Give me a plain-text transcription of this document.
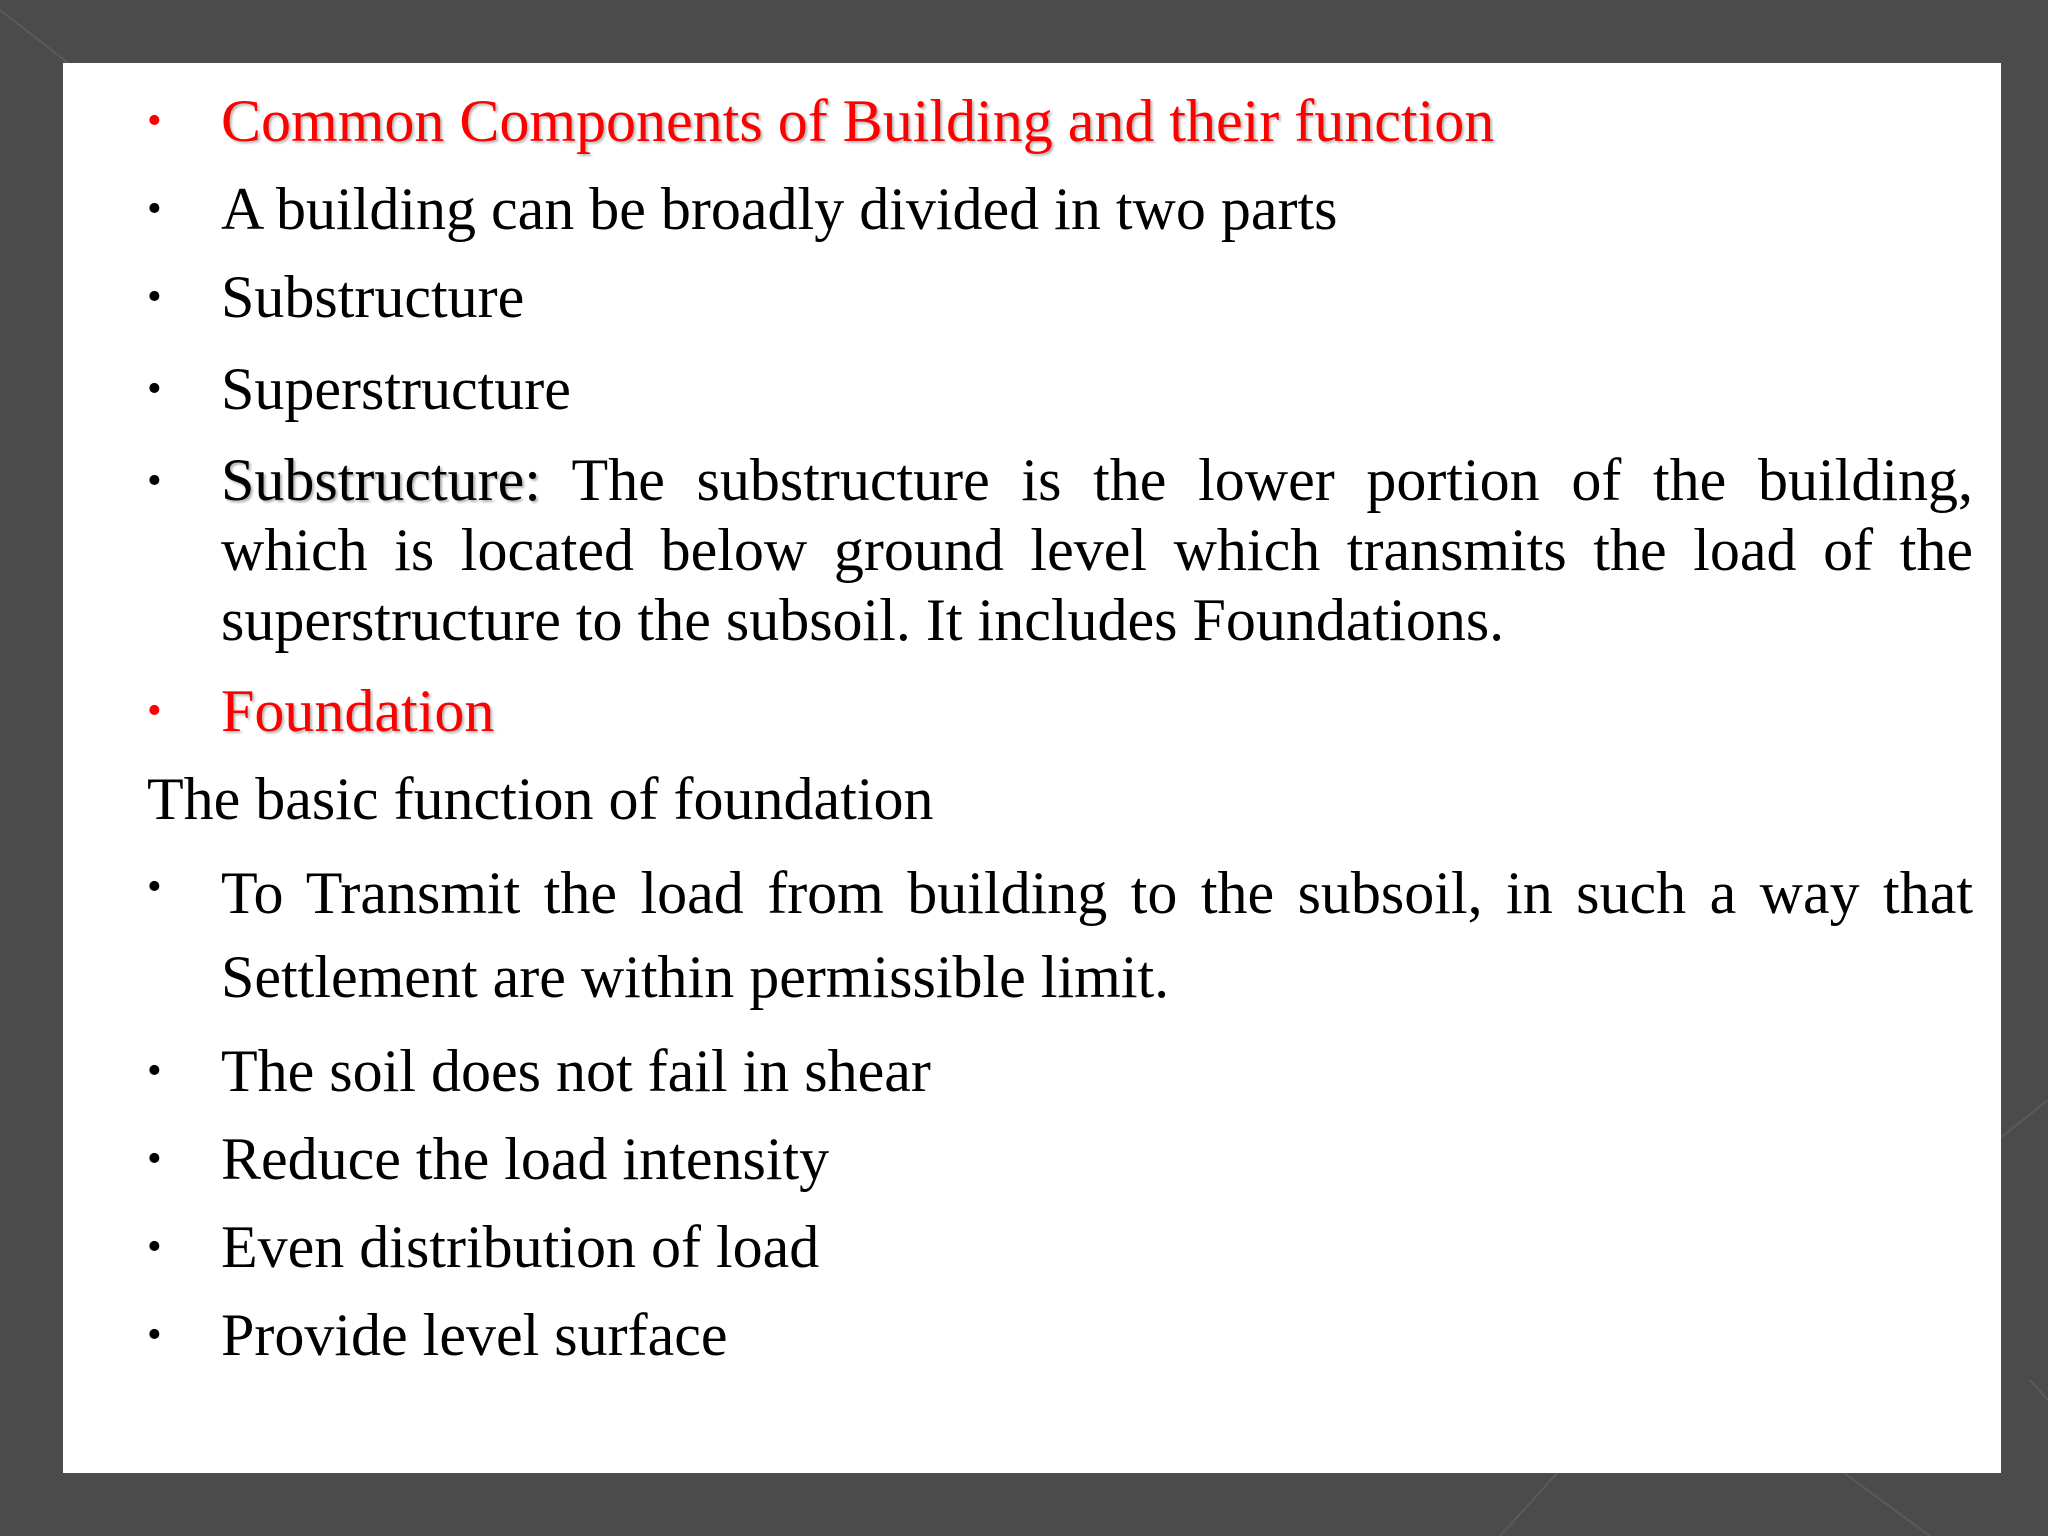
• Common Components of Building and their function
• A building can be broadly divided in two parts
• Substructure
• Superstructure
• Substructure: The substructure is the lower portion of the building, which is located below ground level which transmits the load of the superstructure to the subsoil. It includes Foundations.
• Foundation
The basic function of foundation
• To Transmit the load from building to the subsoil, in such a way that Settlement are within permissible limit.
• The soil does not fail in shear
• Reduce the load intensity
• Even distribution of load
• Provide level surface
